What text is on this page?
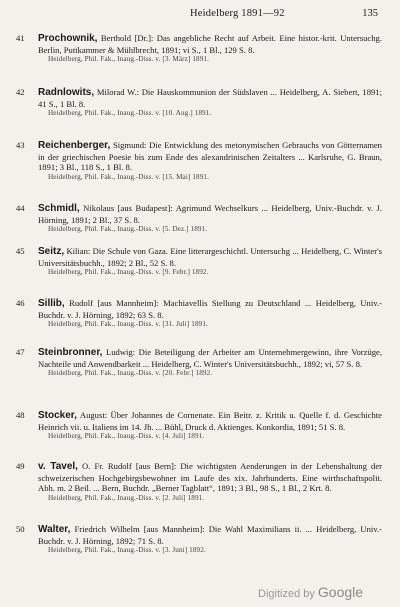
Heidelberg 1891—92	135
41	Prochownik, Berthold [Dr.]: Das angebliche Recht auf Arbeit. Eine histor.-krit. Untersuchg. Berlin, Puttkammer & Mühlbrecht, 1891; vi S., 1 Bl., 129 S. 8.
Heidelberg, Phil. Fak., Inaug.-Diss. v. [3. März] 1891.
42	Radnlowits, Milorad W.: Die Hauskommunion der Südslaven ... Heidelberg, A. Siebert, 1891; 41 S., 1 Bl. 8.
Heidelberg, Phil. Fak., Inaug.-Diss. v. [10. Aug.] 1891.
43	Reichenberger, Sigmund: Die Entwicklung des metonymischen Gebrauchs von Götternamen in der griechischen Poesie bis zum Ende des alexandrinischen Zeitalters ... Karlsruhe, G. Braun, 1891; 3 Bl., 118 S., 1 Bl. 8.
Heidelberg, Phil. Fak., Inaug.-Diss. v. [15. Mai] 1891.
44	Schmidl, Nikolaus [aus Budapest]: Agrimund Wechselkurs ... Heidelberg, Univ.-Buchdr. v. J. Hörning, 1891; 2 Bl., 37 S. 8.
Heidelberg, Phil. Fak., Inaug.-Diss. v. [5. Dez.] 1891.
45	Seitz, Kilian: Die Schule von Gaza. Eine litterargeschichtl. Untersuchg ... Heidelberg, C. Winter's Universitätsbuchh., 1892; 2 Bl., 52 S. 8.
Heidelberg, Phil. Fak., Inaug.-Diss. v. [9. Febr.] 1892.
46	Sillib, Rudolf [aus Mannheim]: Machiavellis Stellung zu Deutschland ... Heidelberg, Univ.-Buchdr. v. J. Hörning, 1892; 63 S. 8.
Heidelberg, Phil. Fak., Inaug.-Diss. v. [31. Juli] 1891.
47	Steinbronner, Ludwig: Die Beteiligung der Arbeiter am Unternehmergewinn, ihre Vorzüge, Nachteile und Anwendbarkeit ... Heidelberg, C. Winter's Universitätsbuchh., 1892; vi, 57 S. 8.
Heidelberg, Phil. Fak., Inaug.-Diss. v. [20. Febr.] 1892.
48	Stocker, August: Über Johannes de Cornenate. Ein Beitr. z. Kritik u. Quelle f. d. Geschichte Heinrich vii. u. Italiens im 14. Jh. ... Bühl, Druck d. Aktienges. Konkordia, 1891; 51 S. 8.
Heidelberg, Phil. Fak., Inaug.-Diss. v. [4. Juli] 1891.
49	v. Tavel, O. Fr. Rudolf [aus Bern]: Die wichtigsten Aenderungen in der Lebenshaltung der schweizerischen Hochgebirgsbewohner im Laufe des xix. Jahrhunderts. Eine wirthschaftspolit. Abh. m. 2 Beil. ... Bern, Buchdr. „Berner Tagblatt“, 1891; 3 Bl., 98 S., 1 Bl., 2 Krt. 8.
Heidelberg, Phil. Fak., Inaug.-Diss. v. [2. Juli] 1891.
50	Walter, Friedrich Wilhelm [aus Mannheim]: Die Wahl Maximilians ii. ... Heidelberg, Univ.-Buchdr. v. J. Hörning, 1892; 71 S. 8.
Heidelberg, Phil. Fak., Inaug.-Diss. v. [3. Juni] 1892.
Digitized by Google
